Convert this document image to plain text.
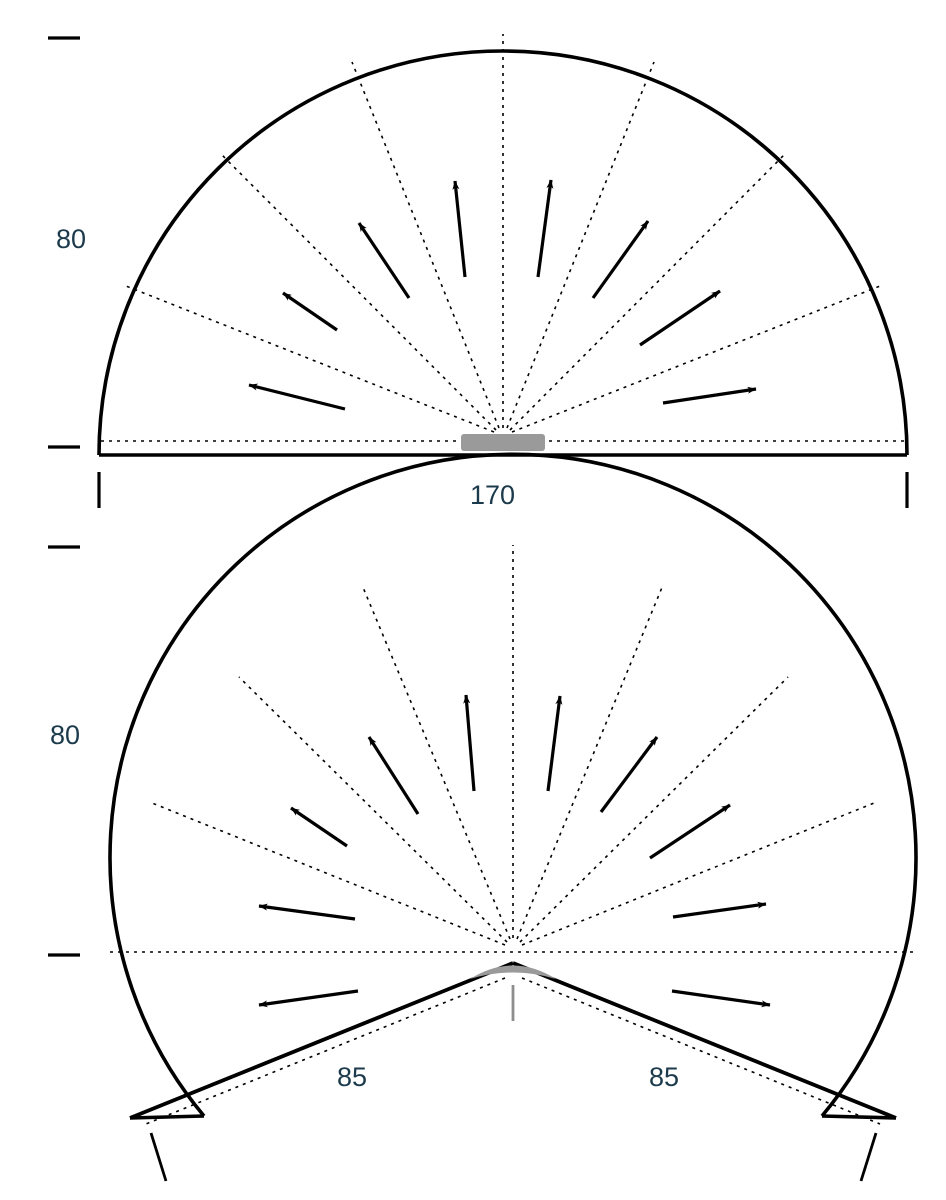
80
170
80
85	85
